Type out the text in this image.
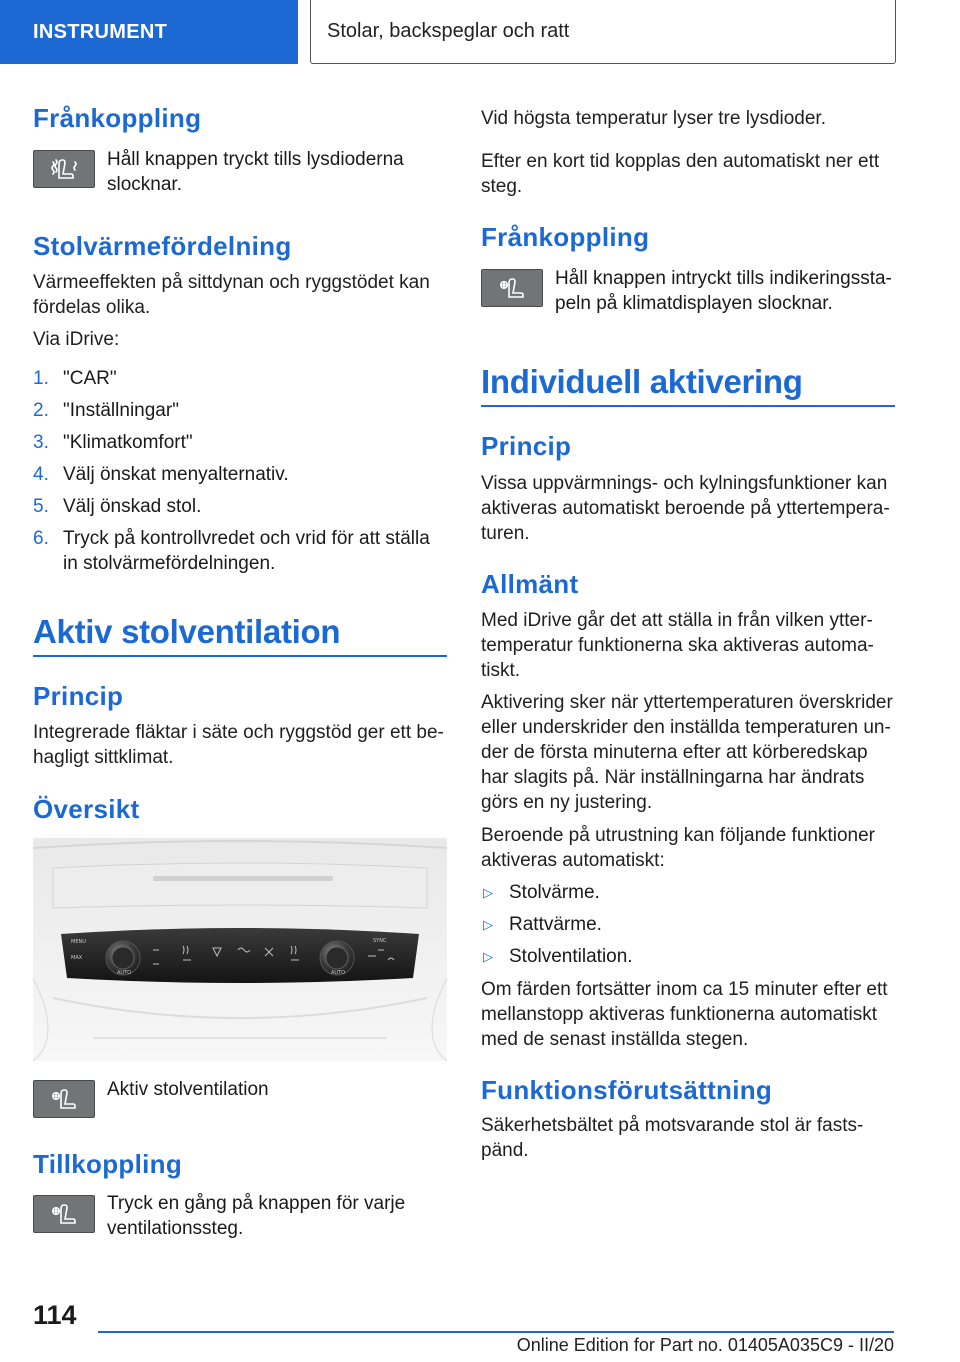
INSTRUMENT	Stolar, backspeglar och ratt
Frånkoppling

Håll knappen tryckt tills lysdioderna slocknar.

Stolvärmefördelning

Värmeeffekten på sittdynan och ryggstödet kan fördelas olika.

Via iDrive:

1. "CAR"
2. "Inställningar"
3. "Klimatkomfort"
4. Välj önskat menyalternativ.
5. Välj önskad stol.
6. Tryck på kontrollvredet och vrid för att ställa in stolvärmefördelningen.
Aktiv stolventilation
Princip

Integrerade fläktar i säte och ryggstöd ger ett behagligt sittklimat.

Översikt
MENU
MAX
AUTO
SYNC
AUTO

Aktiv stolventilation

Tillkoppling

Tryck en gång på knappen för varje ventilationssteg.

Vid högsta temperatur lyser tre lysdioder.

Efter en kort tid kopplas den automatiskt ner ett steg.

Frånkoppling

Håll knappen intryckt tills indikeringsstapeln på klimatdisplayen slocknar.

Individuell aktivering
Princip

Vissa uppvärmnings- och kylningsfunktioner kan aktiveras automatiskt beroende på yttertemperaturen.

Allmänt

Med iDrive går det att ställa in från vilken yttertemperatur funktionerna ska aktiveras automatiskt.

Aktivering sker när yttertemperaturen överskrider eller underskrider den inställda temperaturen under de första minuterna efter att körberedskap har slagits på. När inställningarna har ändrats görs en ny justering.

Beroende på utrustning kan följande funktioner aktiveras automatiskt:

▷ Stolvärme.
▷ Rattvärme.
▷ Stolventilation.

Om färden fortsätter inom ca 15 minuter efter ett mellanstopp aktiveras funktionerna automatiskt med de senast inställda stegen.

Funktionsförutsättning

Säkerhetsbältet på motsvarande stol är fastspänd.

114
Online Edition for Part no. 01405A035C9 - II/20
